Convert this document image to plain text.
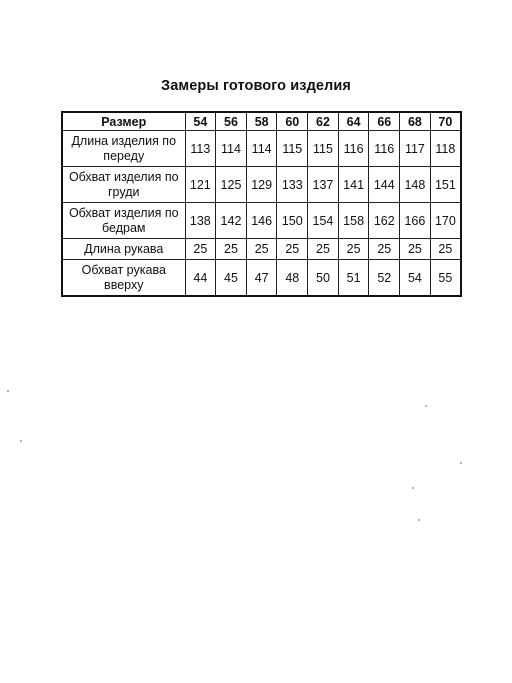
Замеры готового изделия
Размер	54	56	58	60	62	64	66	68	70
Длина изделия по переду	113	114	114	115	115	116	116	117	118
Обхват изделия по груди	121	125	129	133	137	141	144	148	151
Обхват изделия по бедрам	138	142	146	150	154	158	162	166	170
Длина рукава	25	25	25	25	25	25	25	25	25
Обхват рукава вверху	44	45	47	48	50	51	52	54	55
